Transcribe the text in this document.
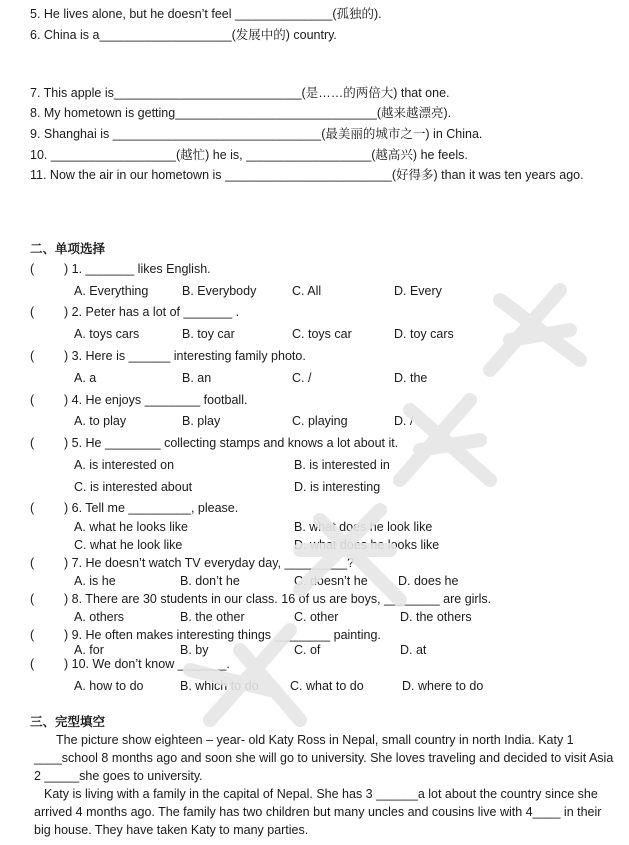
5. He lives alone, but he doesn’t feel ______________(孤独的).
6. China is a___________________(发展中的) country.
7. This apple is___________________________(是……的两倍大) that one.
8. My hometown is getting_____________________________(越来越漂亮).
9. Shanghai is ______________________________(最美丽的城市之一) in China.
10. __________________(越忙) he is, __________________(越高兴) he feels.
11. Now the air in our hometown is ________________________(好得多) than it was ten years ago.
二、单项选择
( ) 1. _______ likes English.
A. Everything	B. Everybody	C. All	D. Every
( ) 2. Peter has a lot of _______ .
A. toys cars	B. toy car	C. toys car	D. toy cars
( ) 3. Here is ______ interesting family photo.
A. a	B. an	C. /	D. the
( ) 4. He enjoys ________ football.
A. to play	B. play	C. playing	D. /
( ) 5. He ________ collecting stamps and knows a lot about it.
A. is interested on	B. is interested in
C. is interested about	D. is interesting
( ) 6. Tell me _________, please.
A. what he looks like	B. what does he look like
C. what he look like	D. what does he looks like
( ) 7. He doesn’t watch TV everyday day, _________?
A. is he	B. don’t he	C. doesn’t he D. does he
( ) 8. There are 30 students in our class. 16 of us are boys, ________ are girls.
A. others	B. the other	C. other	D. the others
( ) 9. He often makes interesting things ________ painting.
A. for	B. by	C. of	D. at
( ) 10. We don’t know _______.
A. how to do	B. which to do	C. what to do	D. where to do
三、完型填空
The picture show eighteen – year- old Katy Ross in Nepal, small country in north India. Katy 1
____school 8 months ago and soon she will go to university. She loves traveling and decided to visit Asia
2 _____she goes to university.
Katy is living with a family in the capital of Nepal. She has 3 ______a lot about the country since she
arrived 4 months ago. The family has two children but many uncles and cousins live with 4____ in their
big house. They have taken Katy to many parties.
